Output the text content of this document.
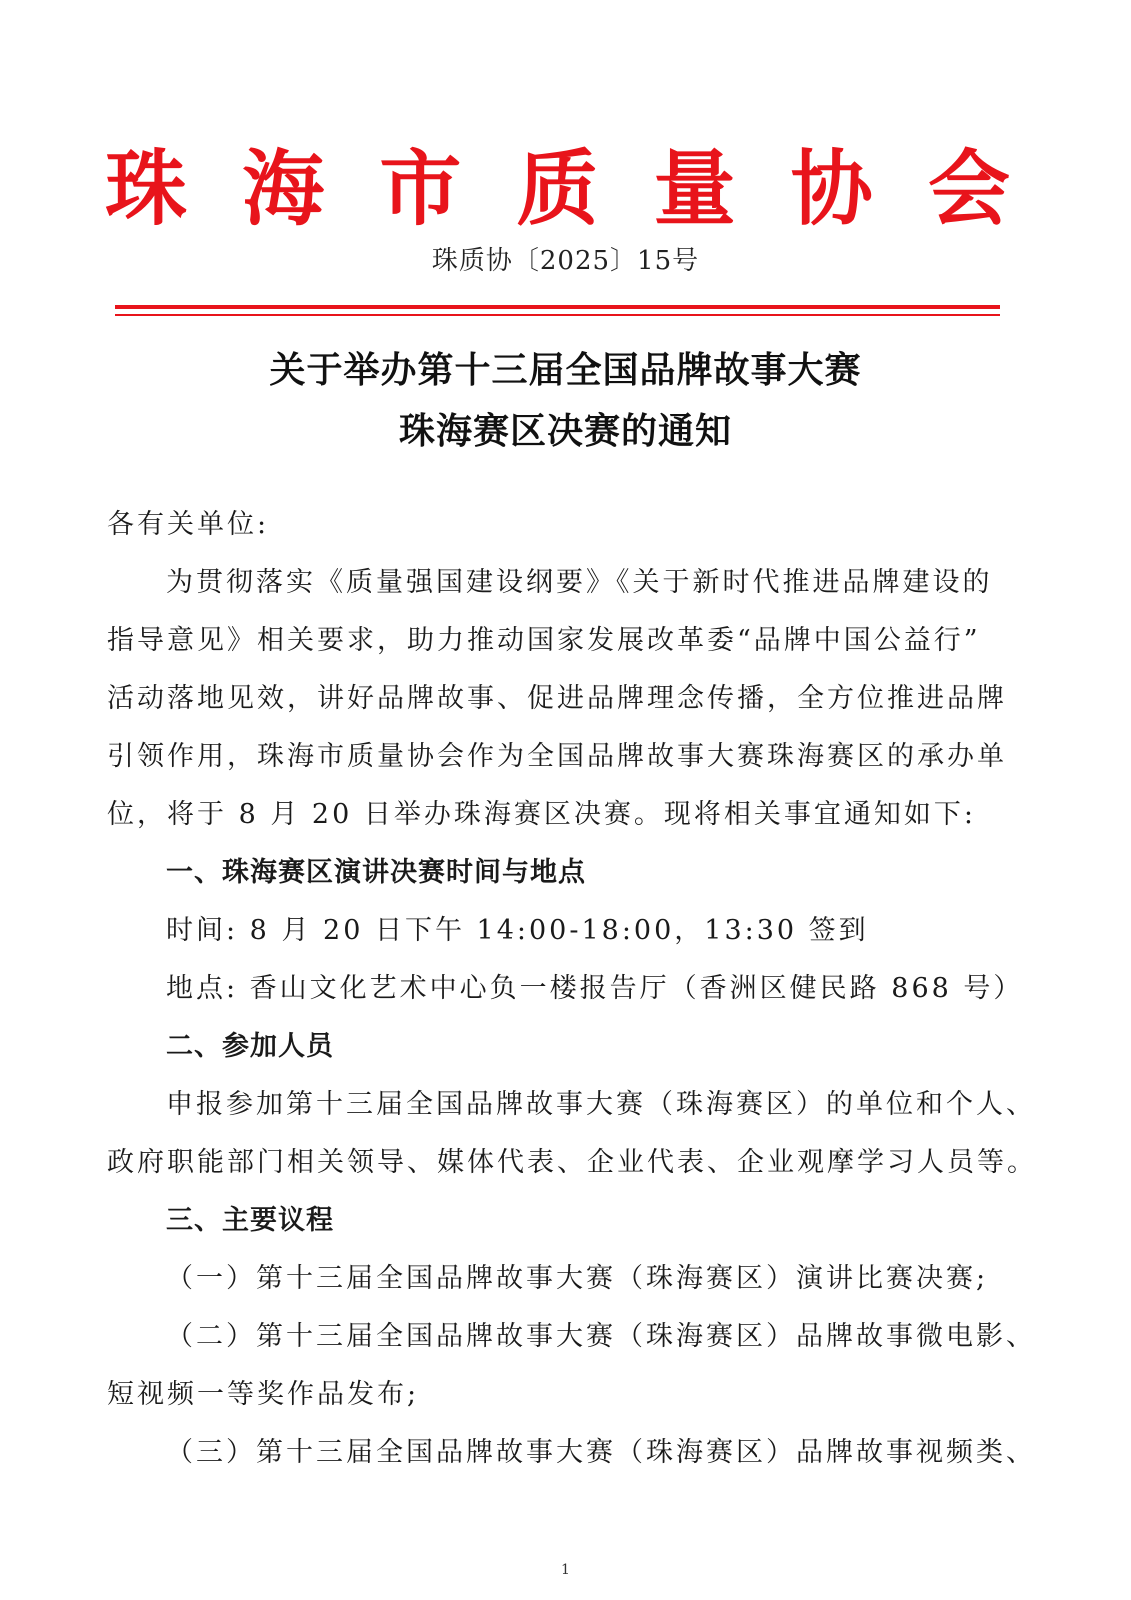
珠 海 市 质 量 协 会
珠质协〔2025〕15号
关于举办第十三届全国品牌故事大赛
珠海赛区决赛的通知
各有关单位:
为贯彻落实《质量强国建设纲要》《关于新时代推进品牌建设的
指导意见》相关要求，助力推动国家发展改革委“品牌中国公益行”
活动落地见效，讲好品牌故事、促进品牌理念传播，全方位推进品牌
引领作用，珠海市质量协会作为全国品牌故事大赛珠海赛区的承办单
位，将于 8 月 20 日举办珠海赛区决赛。现将相关事宜通知如下:
一、珠海赛区演讲决赛时间与地点
时间: 8 月 20 日下午 14:00-18:00，13:30 签到
地点: 香山文化艺术中心负一楼报告厅（香洲区健民路 868 号）
二、参加人员
申报参加第十三届全国品牌故事大赛（珠海赛区）的单位和个人、
政府职能部门相关领导、媒体代表、企业代表、企业观摩学习人员等。
三、主要议程
（一）第十三届全国品牌故事大赛（珠海赛区）演讲比赛决赛;
（二）第十三届全国品牌故事大赛（珠海赛区）品牌故事微电影、
短视频一等奖作品发布;
（三）第十三届全国品牌故事大赛（珠海赛区）品牌故事视频类、
1
